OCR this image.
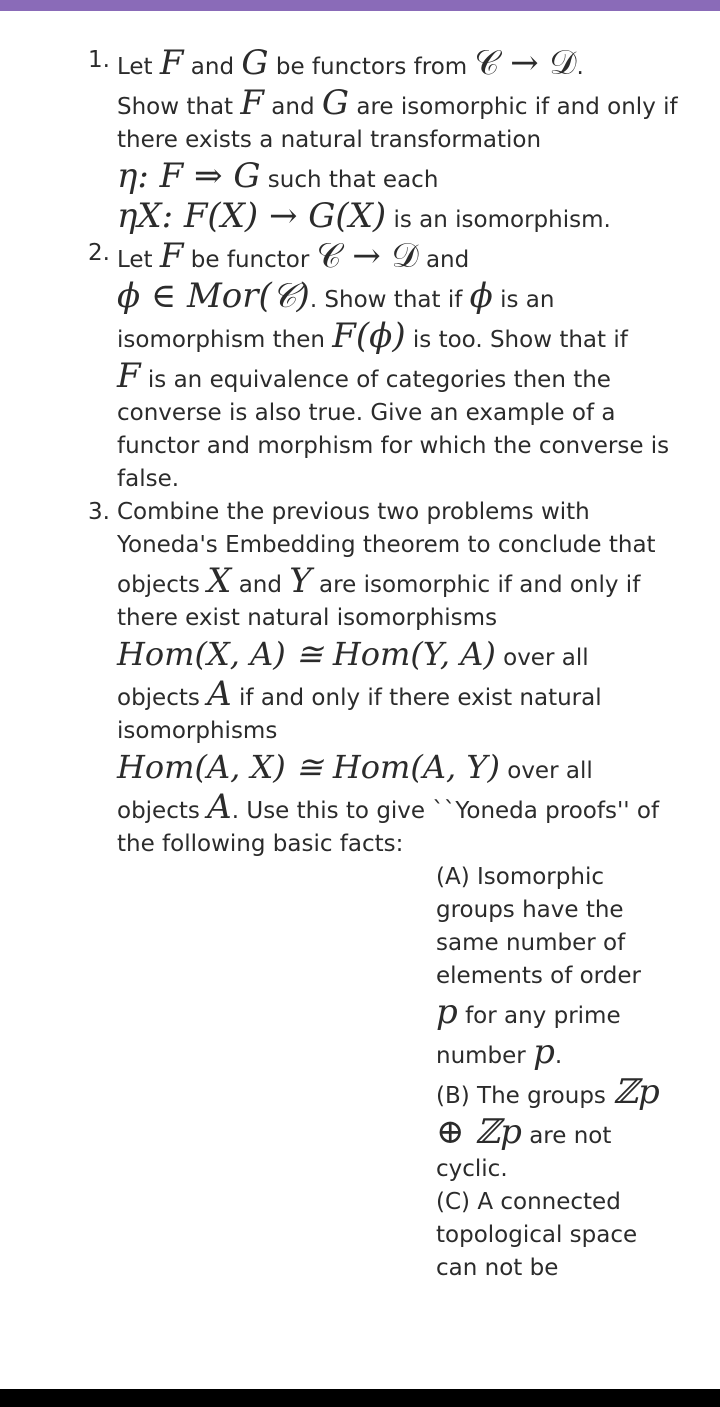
1. Let F and G be functors from 𝒞 → 𝒟.
Show that F and G are isomorphic if and only if there exists a natural transformation
η: F ⇒ G such that each
ηX: F(X) → G(X) is an isomorphism.
2. Let F be functor 𝒞 → 𝒟 and
ϕ ∈ Mor(𝒞). Show that if ϕ is an
isomorphism then F(ϕ) is too. Show that if
F is an equivalence of categories then the converse is also true. Give an example of a functor and morphism for which the converse is false.
3. Combine the previous two problems with Yoneda's Embedding theorem to conclude that objects X and Y are isomorphic if and only if there exist natural isomorphisms
Hom(X, A) ≅ Hom(Y, A) over all
objects A if and only if there exist natural isomorphisms
Hom(A, X) ≅ Hom(A, Y) over all
objects A. Use this to give ``Yoneda proofs'' of the following basic facts:
(A) Isomorphic groups have the same number of elements of order p for any prime number p.
(B) The groups ℤp ⊕ ℤp are not cyclic.
(C) A connected topological space can not be
